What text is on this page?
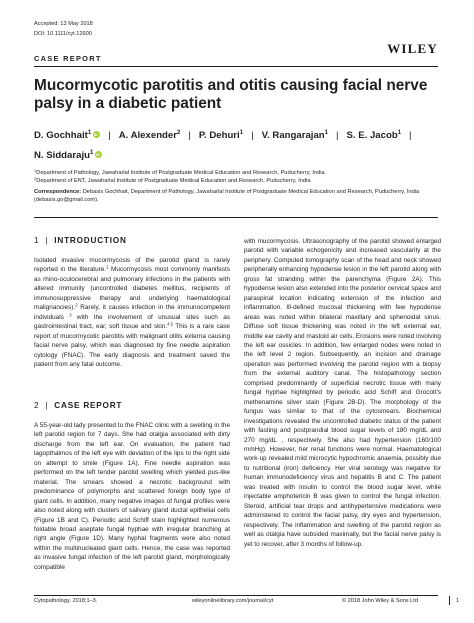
Accepted: 13 May 2018
DOI: 10.1111/cyt.12600
WILEY
CASE REPORT
Mucormycotic parotitis and otitis causing facial nerve palsy in a diabetic patient
D. Gochhait$^1$iD | A. Alexender$^2$ | P. Dehuri$^1$ | V. Rangarajan$^1$ | S. E. Jacob$^1$ |
N. Siddaraju$^1$iD
$^1$Department of Pathology, Jawaharlal Institute of Postgraduate Medical Education and Research, Puducherry, India
$^2$Department of ENT, Jawaharlal Institute of Postgraduate Medical Education and Research, Puducherry, India
Correspondence: Debasis Gochhait, Department of Pathology, Jawaharlal Institute of Postgraduate Medical Education and Research, Puducherry, India (debasis.go@gmail.com).
1 | INTRODUCTION
Isolated invasive mucormycosis of the parotid gland is rarely reported in the literature.$^1$ Mucormycosis most commonly manifests as rhino-oculocerebral and pulmonary infections in the patients with altered immunity (uncontrolled diabetes mellitus, recipients of immunosuppressive therapy and underlying haematological malignancies).$^2$ Rarely, it causes infection in the immunocompetent individuals $^3$ with the involvement of unusual sites such as gastrointestinal tract, ear, soft tissue and skin.$^{4,5}$ This is a rare case report of mucormycotic parotitis with malignant otitis externa causing facial nerve palsy, which was diagnosed by fine needle aspiration cytology (FNAC). The early diagnosis and treatment saved the patient from any fatal outcome.
2 | CASE REPORT
A 55-year-old lady presented to the FNAC clinic with a swelling in the left parotid region for 7 days. She had otalgia associated with dirty discharge from the left ear. On evaluation, the patient had lagopthalmos of the left eye with deviation of the lips to the right side on attempt to smile (Figure 1A). Fine needle aspiration was performed on the left tender parotid swelling which yielded pus-like material. The smears showed a necrotic background with predominance of polymorphs and scattered foreign body type of giant cells. In addition, many negative images of fungal profiles were also noted along with clusters of salivary gland ductal epithelial cells (Figure 1B and C). Periodic acid Schiff stain highlighted numerous foldable broad aseptate fungal hyphae with irregular branching at right angle (Figure 1D). Many hyphal fragments were also noted within the multinucleated giant cells. Hence, the case was reported as invasive fungal infection of the left parotid gland, morphologically compatible
with mucormycosis. Ultrasonography of the parotid showed enlarged parotid with variable echogenicity and increased vascularity at the periphery. Computed tomography scan of the head and neck showed peripherally enhancing hypodense lesion in the left parotid along with gross fat stranding within the parenchyma (Figure 2A). This hypodense lesion also extended into the posterior cervical space and paraspinal location indicating extension of the infection and inflammation. Ill-defined mucosal thickening with few hypodense areas was noted within bilateral maxillary and sphenoidal sinus. Diffuse soft tissue thickening was noted in the left external ear, middle ear cavity and mastoid air cells. Erosions were noted involving the left ear ossicles. In addition, few enlarged nodes were noted in the left level 2 region. Subsequently, an incision and drainage operation was performed involving the parotid region with a biopsy from the external auditory canal. The histopathology section comprised predominantly of superficial necrotic tissue with many fungal hyphae highlighted by periodic acid Schiff and Grocott's methenamine silver stain (Figure 2B-D). The morphology of the fungus was similar to that of the cytosmears. Biochemical investigations revealed the uncontrolled diabetic status of the patient with fasting and postprandial blood sugar levels of 180 mg/dL and 270 mg/dL , respectively. She also had hypertension (160/100 mmHg). However, her renal functions were normal. Haematological work-up revealed mild microcytic hypochromic anaemia, possibly due to nutritional (iron) deficiency. Her viral serology was negative for human immunodeficiency virus and hepatitis B and C. The patient was treated with insulin to control the blood sugar level, while injectable amphotericin B was given to control the fungal infection. Steroid, artificial tear drops and antihypertensive medications were administered to control the facial palsy, dry eyes and hypertension, respectively. The inflammation and swelling of the parotid region as well as otalgia have subsided maximally, but the facial nerve palsy is yet to recover, after 3 months of follow-up.
Cytopathology. 2018;1–3.	wileyonlinelibrary.com/journal/cyt	© 2018 John Wiley & Sons Ltd	1
